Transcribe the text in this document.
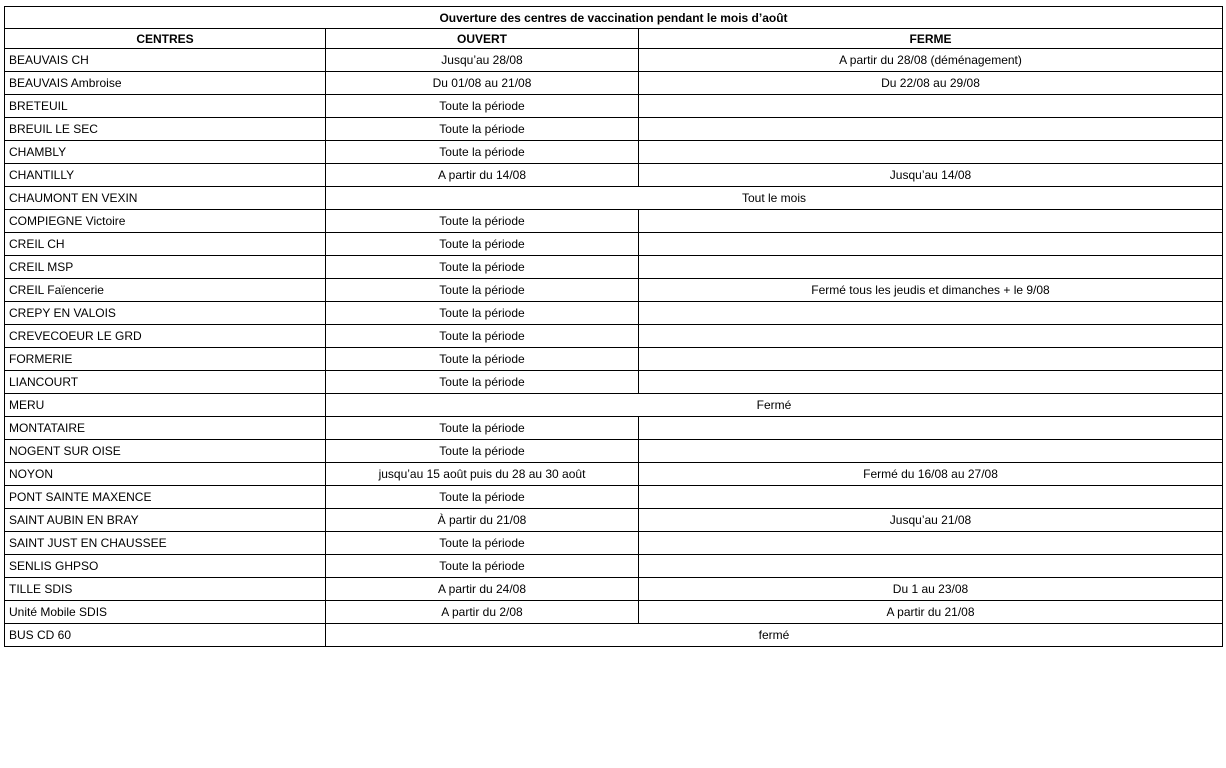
Ouverture des centres de vaccination pendant le mois d’août		
CENTRES	OUVERT	FERME
BEAUVAIS CH	Jusqu’au 28/08	A partir du 28/08 (déménagement)
BEAUVAIS Ambroise	Du 01/08 au 21/08	Du 22/08 au 29/08
BRETEUIL	Toute la période	
BREUIL LE SEC	Toute la période	
CHAMBLY	Toute la période	
CHANTILLY	A partir du 14/08	Jusqu’au 14/08
CHAUMONT EN VEXIN	Tout le mois	
COMPIEGNE Victoire	Toute la période	
CREIL CH	Toute la période	
CREIL MSP	Toute la période	
CREIL Faïencerie	Toute la période	Fermé tous les jeudis et dimanches + le 9/08
CREPY EN VALOIS	Toute la période	
CREVECOEUR LE GRD	Toute la période	
FORMERIE	Toute la période	
LIANCOURT	Toute la période	
MERU	Fermé	
MONTATAIRE	Toute la période	
NOGENT SUR OISE	Toute la période	
NOYON	jusqu’au 15 août puis du 28 au 30 août	Fermé du 16/08 au 27/08
PONT SAINTE MAXENCE	Toute la période	
SAINT AUBIN EN BRAY	À partir du 21/08	Jusqu’au 21/08
SAINT JUST EN CHAUSSEE	Toute la période	
SENLIS GHPSO	Toute la période	
TILLE SDIS	A partir du 24/08	Du 1 au 23/08
Unité Mobile SDIS	A partir du 2/08	A partir du 21/08
BUS CD 60	fermé	
